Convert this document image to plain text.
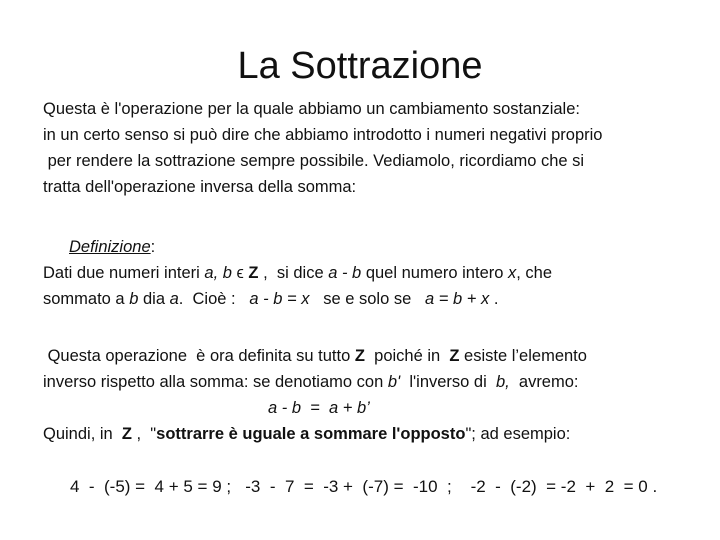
La Sottrazione
Questa è l'operazione per la quale abbiamo un cambiamento sostanziale:
in un certo senso si può dire che abbiamo introdotto i numeri negativi proprio
per rendere la sottrazione sempre possibile. Vediamolo, ricordiamo che si
tratta dell'operazione inversa della somma:
Definizione:
Dati due numeri interi a, b ϵ Z ,  si dice a - b quel numero intero x, che
sommato a b dia a.  Cioè :   a - b = x   se e solo se   a = b + x .
Questa operazione  è ora definita su tutto Z  poiché in  Z esiste l’elemento
inverso rispetto alla somma: se denotiamo con b'  l'inverso di  b,  avremo:
a - b  =  a + b’
Quindi, in  Z ,  "sottrarre è uguale a sommare l'opposto"; ad esempio:
4  -  (-5) =  4 + 5 = 9 ;   -3  -  7  =  -3 +  (-7) =  -10  ;    -2  -  (-2)  = -2  +  2  = 0 .
